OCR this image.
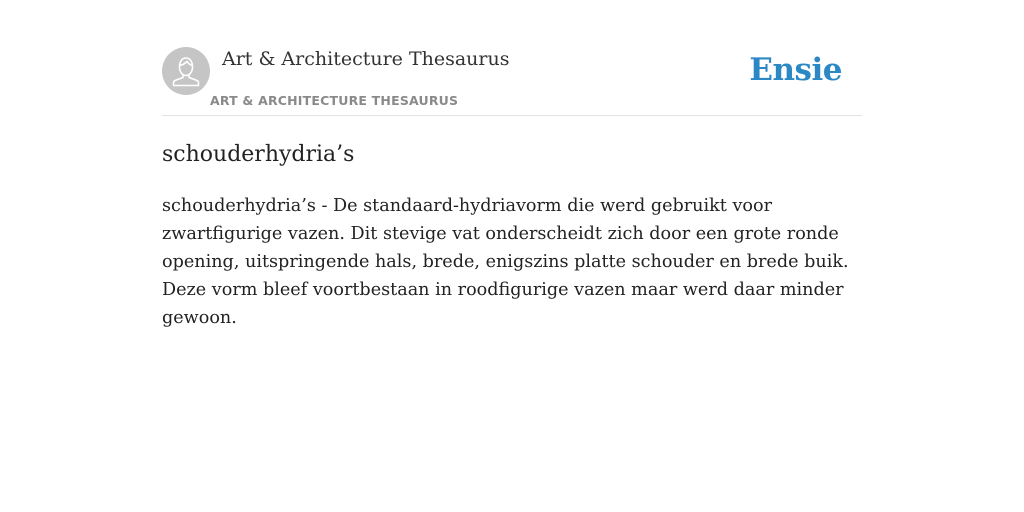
Art & Architecture Thesaurus
ART & ARCHITECTURE THESAURUS
Ensie
schouderhydria’s

schouderhydria’s - De standaard-hydriavorm die werd gebruikt voor zwartfigurige vazen. Dit stevige vat onderscheidt zich door een grote ronde opening, uitspringende hals, brede, enigszins platte schouder en brede buik. Deze vorm bleef voortbestaan in roodfigurige vazen maar werd daar minder gewoon.
